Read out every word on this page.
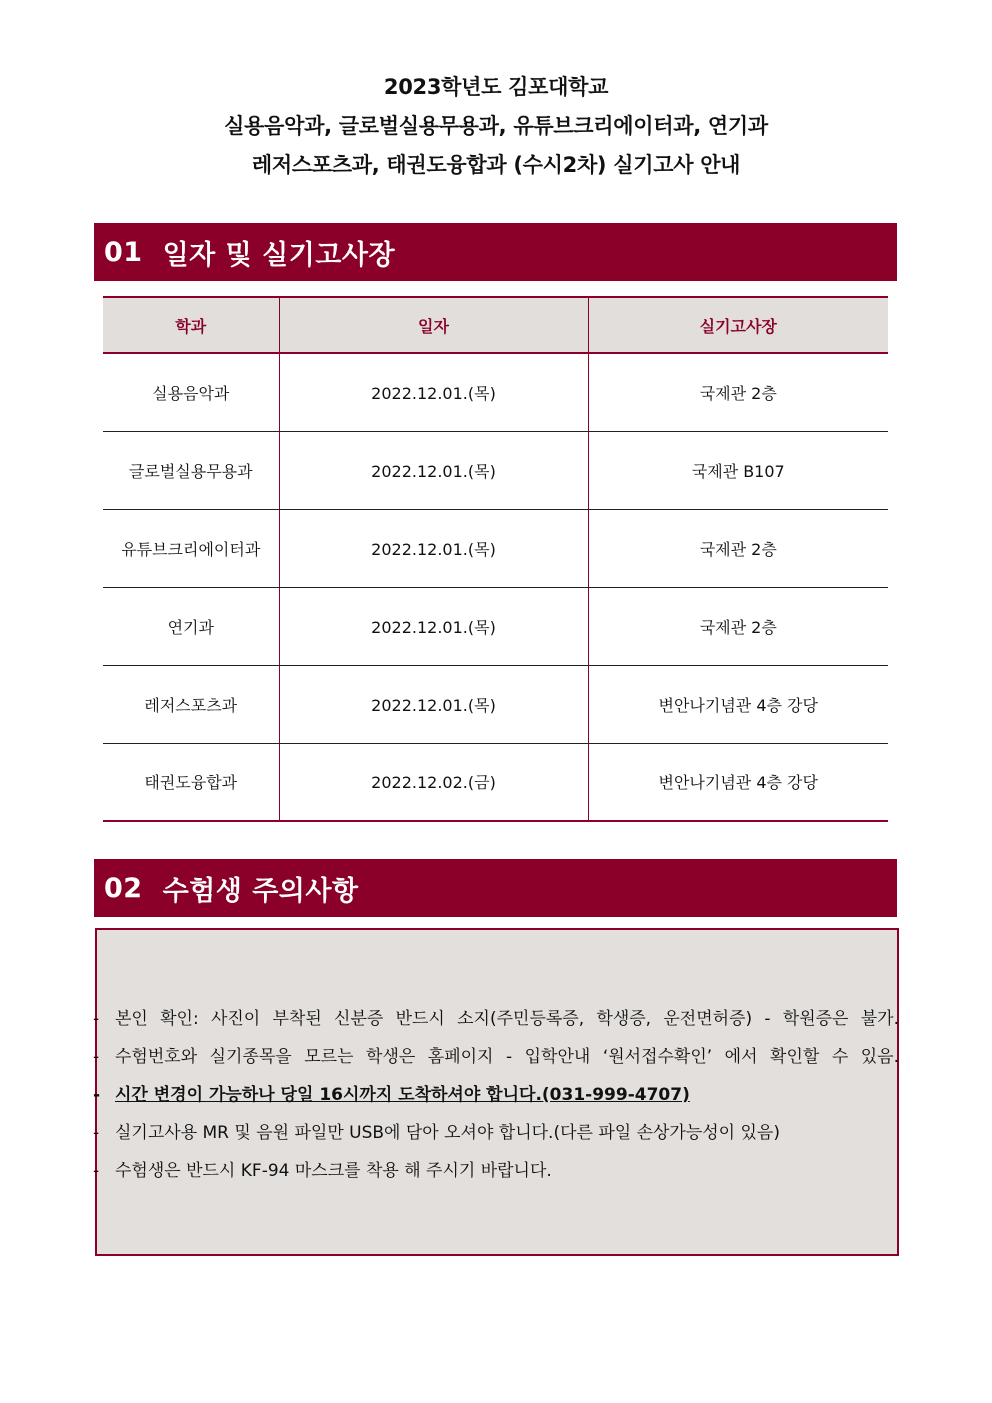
2023학년도 김포대학교
실용음악과, 글로벌실용무용과, 유튜브크리에이터과, 연기과
레저스포츠과, 태권도융합과 (수시2차) 실기고사 안내
01 일자 및 실기고사장
학과	일자	실기고사장
실용음악과	2022.12.01.(목)	국제관 2층
글로벌실용무용과	2022.12.01.(목)	국제관 B107
유튜브크리에이터과	2022.12.01.(목)	국제관 2층
연기과	2022.12.01.(목)	국제관 2층
레저스포츠과	2022.12.01.(목)	변안나기념관 4층 강당
태권도융합과	2022.12.02.(금)	변안나기념관 4층 강당
02 수험생 주의사항
- 본인 확인: 사진이 부착된 신분증 반드시 소지(주민등록증, 학생증, 운전면허증) - 학원증은 불가.
- 수험번호와 실기종목을 모르는 학생은 홈페이지 - 입학안내 ‘원서접수확인’ 에서 확인할 수 있음.
- 시간 변경이 가능하나 당일 16시까지 도착하셔야 합니다.(031-999-4707)
- 실기고사용 MR 및 음원 파일만 USB에 담아 오셔야 합니다.(다른 파일 손상가능성이 있음)
- 수험생은 반드시 KF-94 마스크를 착용 해 주시기 바랍니다.
